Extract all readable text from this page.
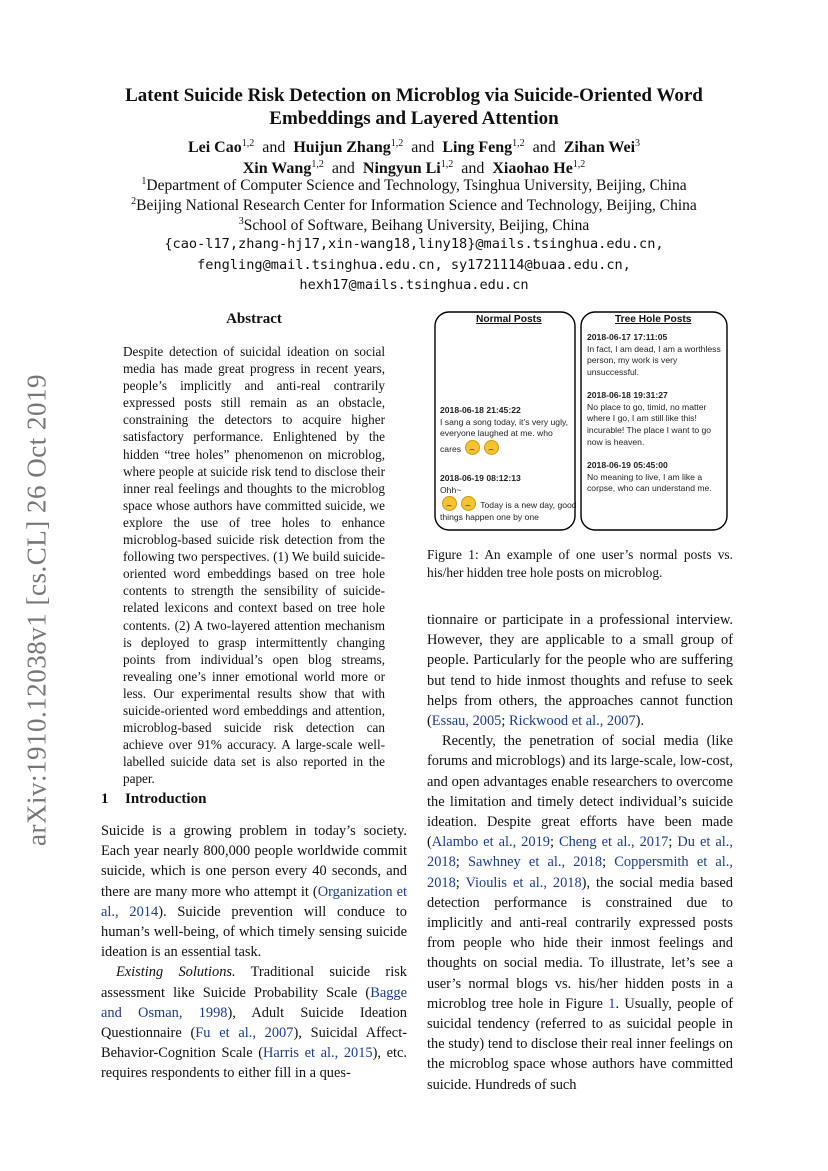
arXiv:1910.12038v1 [cs.CL] 26 Oct 2019
Latent Suicide Risk Detection on Microblog via Suicide-Oriented Word
Embeddings and Layered Attention
Lei Cao$^{1,2}$ and Huijun Zhang$^{1,2}$ and Ling Feng$^{1,2}$ and Zihan Wei$^3$
Xin Wang$^{1,2}$ and Ningyun Li$^{1,2}$ and Xiaohao He$^{1,2}$
$^1$Department of Computer Science and Technology, Tsinghua University, Beijing, China
$^2$Beijing National Research Center for Information Science and Technology, Beijing, China
$^3$School of Software, Beihang University, Beijing, China
{cao-l17,zhang-hj17,xin-wang18,liny18}@mails.tsinghua.edu.cn,
fengling@mail.tsinghua.edu.cn, sy1721114@buaa.edu.cn,
hexh17@mails.tsinghua.edu.cn
Abstract
Despite detection of suicidal ideation on social media has made great progress in recent years, people’s implicitly and anti-real contrarily expressed posts still remain as an obstacle, constraining the detectors to acquire higher satisfactory performance. Enlightened by the hidden “tree holes” phenomenon on microblog, where people at suicide risk tend to disclose their inner real feelings and thoughts to the microblog space whose authors have committed suicide, we explore the use of tree holes to enhance microblog-based suicide risk detection from the following two perspectives. (1) We build suicide-oriented word embeddings based on tree hole contents to strength the sensibility of suicide-related lexicons and context based on tree hole contents. (2) A two-layered attention mechanism is deployed to grasp intermittently changing points from individual’s open blog streams, revealing one’s inner emotional world more or less. Our experimental results show that with suicide-oriented word embeddings and attention, microblog-based suicide risk detection can achieve over 91% accuracy. A large-scale well-labelled suicide data set is also reported in the paper.
1 Introduction

Suicide is a growing problem in today’s society. Each year nearly 800,000 people worldwide commit suicide, which is one person every 40 seconds, and there are many more who attempt it (Organization et al., 2014). Suicide prevention will conduce to human’s well-being, of which timely sensing suicide ideation is an essential task.

Existing Solutions. Traditional suicide risk assessment like Suicide Probability Scale (Bagge and Osman, 1998), Adult Suicide Ideation Questionnaire (Fu et al., 2007), Suicidal Affect-Behavior-Cognition Scale (Harris et al., 2015), etc. requires respondents to either fill in a ques-

Normal Posts	Tree Hole Posts
2018-06-18 21:45:22
I sang a song today, it’s very ugly, everyone laughed at me. who cares
2018-06-19 08:12:13
Ohh~
Today is a new day, good things happen one by one
2018-06-17 17:11:05
In fact, I am dead, I am a worthless person, my work is very unsuccessful.
2018-06-18 19:31:27
No place to go, timid, no matter where I go, I am still like this! incurable! The place I want to go now is heaven.
2018-06-19 05:45:00
No meaning to live, I am like a corpse, who can understand me.
Figure 1: An example of one user’s normal posts vs. his/her hidden tree hole posts on microblog.

tionnaire or participate in a professional interview. However, they are applicable to a small group of people. Particularly for the people who are suffering but tend to hide inmost thoughts and refuse to seek helps from others, the approaches cannot function (Essau, 2005; Rickwood et al., 2007).

Recently, the penetration of social media (like forums and microblogs) and its large-scale, low-cost, and open advantages enable researchers to overcome the limitation and timely detect individual’s suicide ideation. Despite great efforts have been made (Alambo et al., 2019; Cheng et al., 2017; Du et al., 2018; Sawhney et al., 2018; Coppersmith et al., 2018; Vioulis et al., 2018), the social media based detection performance is constrained due to implicitly and anti-real contrarily expressed posts from people who hide their inmost feelings and thoughts on social media. To illustrate, let’s see a user’s normal blogs vs. his/her hidden posts in a microblog tree hole in Figure 1. Usually, people of suicidal tendency (referred to as suicidal people in the study) tend to disclose their real inner feelings on the microblog space whose authors have committed suicide. Hundreds of such
